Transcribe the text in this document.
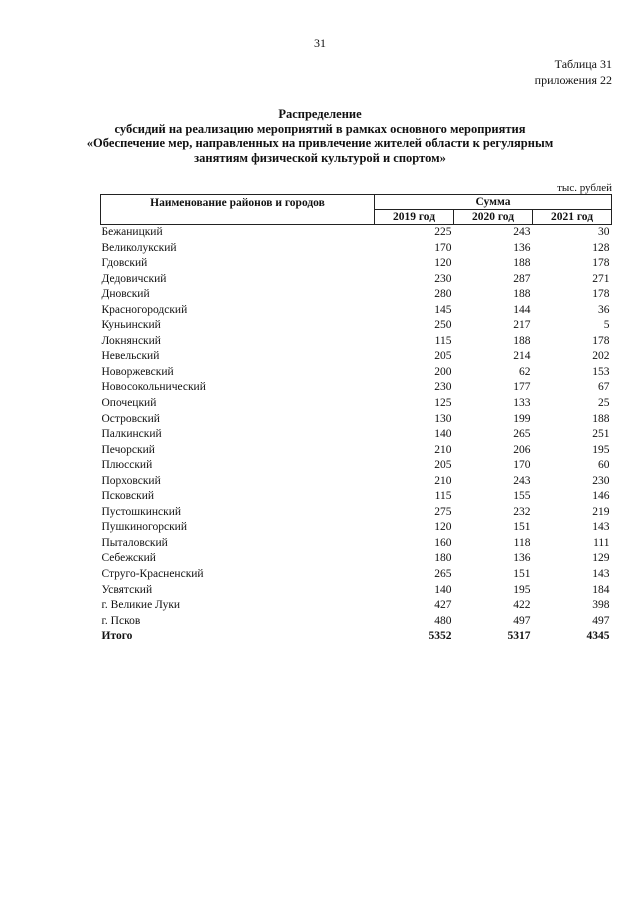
31
Таблица 31
приложения 22
Распределение
субсидий на реализацию мероприятий в рамках основного мероприятия
«Обеспечение мер, направленных на привлечение жителей области к регулярным
занятиям физической культурой и спортом»
тыс. рублей
Наименование районов и городов	Сумма		
	2019 год	2020 год	2021 год
Бежаницкий	225	243	30
Великолукский	170	136	128
Гдовский	120	188	178
Дедовичский	230	287	271
Дновский	280	188	178
Красногородский	145	144	36
Куньинский	250	217	5
Локнянский	115	188	178
Невельский	205	214	202
Новоржевский	200	62	153
Новосокольнический	230	177	67
Опочецкий	125	133	25
Островский	130	199	188
Палкинский	140	265	251
Печорский	210	206	195
Плюсский	205	170	60
Порховский	210	243	230
Псковский	115	155	146
Пустошкинский	275	232	219
Пушкиногорский	120	151	143
Пыталовский	160	118	111
Себежский	180	136	129
Струго-Красненский	265	151	143
Усвятский	140	195	184
г. Великие Луки	427	422	398
г. Псков	480	497	497
Итого	5352	5317	4345
